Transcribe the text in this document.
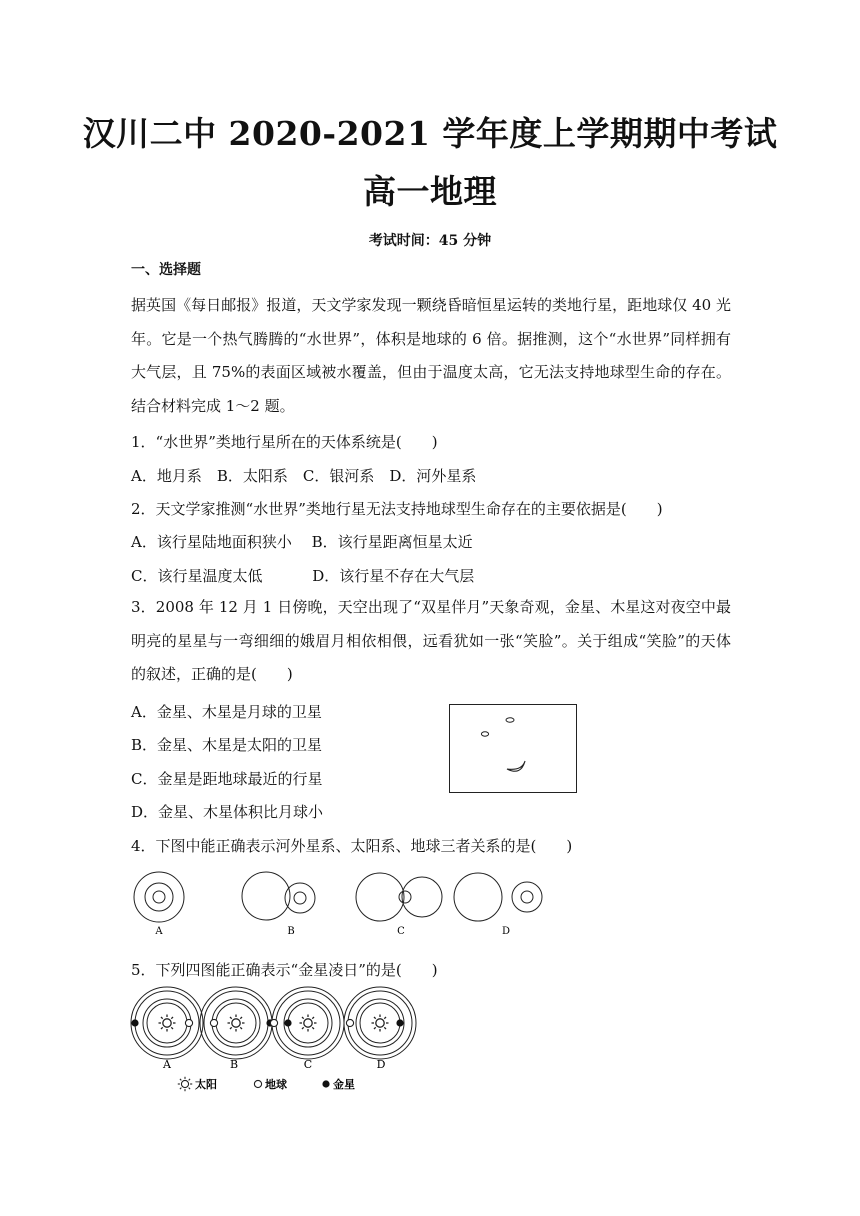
汉川二中 2020-2021 学年度上学期期中考试
高一地理
考试时间：45 分钟
一、选择题
据英国《每日邮报》报道，天文学家发现一颗绕昏暗恒星运转的类地行星，距地球仅 40 光年。它是一个热气腾腾的“水世界”，体积是地球的 6 倍。据推测，这个“水世界”同样拥有大气层，且 75%的表面区域被水覆盖，但由于温度太高，它无法支持地球型生命的存在。结合材料完成 1～2 题。
1．“水世界”类地行星所在的天体系统是(　　)
A．地月系　B．太阳系　C．银河系　D．河外星系
2．天文学家推测“水世界”类地行星无法支持地球型生命存在的主要依据是(　　)
A．该行星陆地面积狭小　 B．该行星距离恒星太近
C．该行星温度太低　　　 D．该行星不存在大气层
3．2008 年 12 月 1 日傍晚，天空出现了“双星伴月”天象奇观，金星、木星这对夜空中最明亮的星星与一弯细细的娥眉月相依相偎，远看犹如一张“笑脸”。关于组成“笑脸”的天体的叙述，正确的是(　　)
A．金星、木星是月球的卫星
B．金星、木星是太阳的卫星
C．金星是距地球最近的行星
D．金星、木星体积比月球小
4．下图中能正确表示河外星系、太阳系、地球三者关系的是(　　)
A	B	C	D
5．下列四图能正确表示“金星凌日”的是(　　)
A	B	C	D
太阳	地球	金星
